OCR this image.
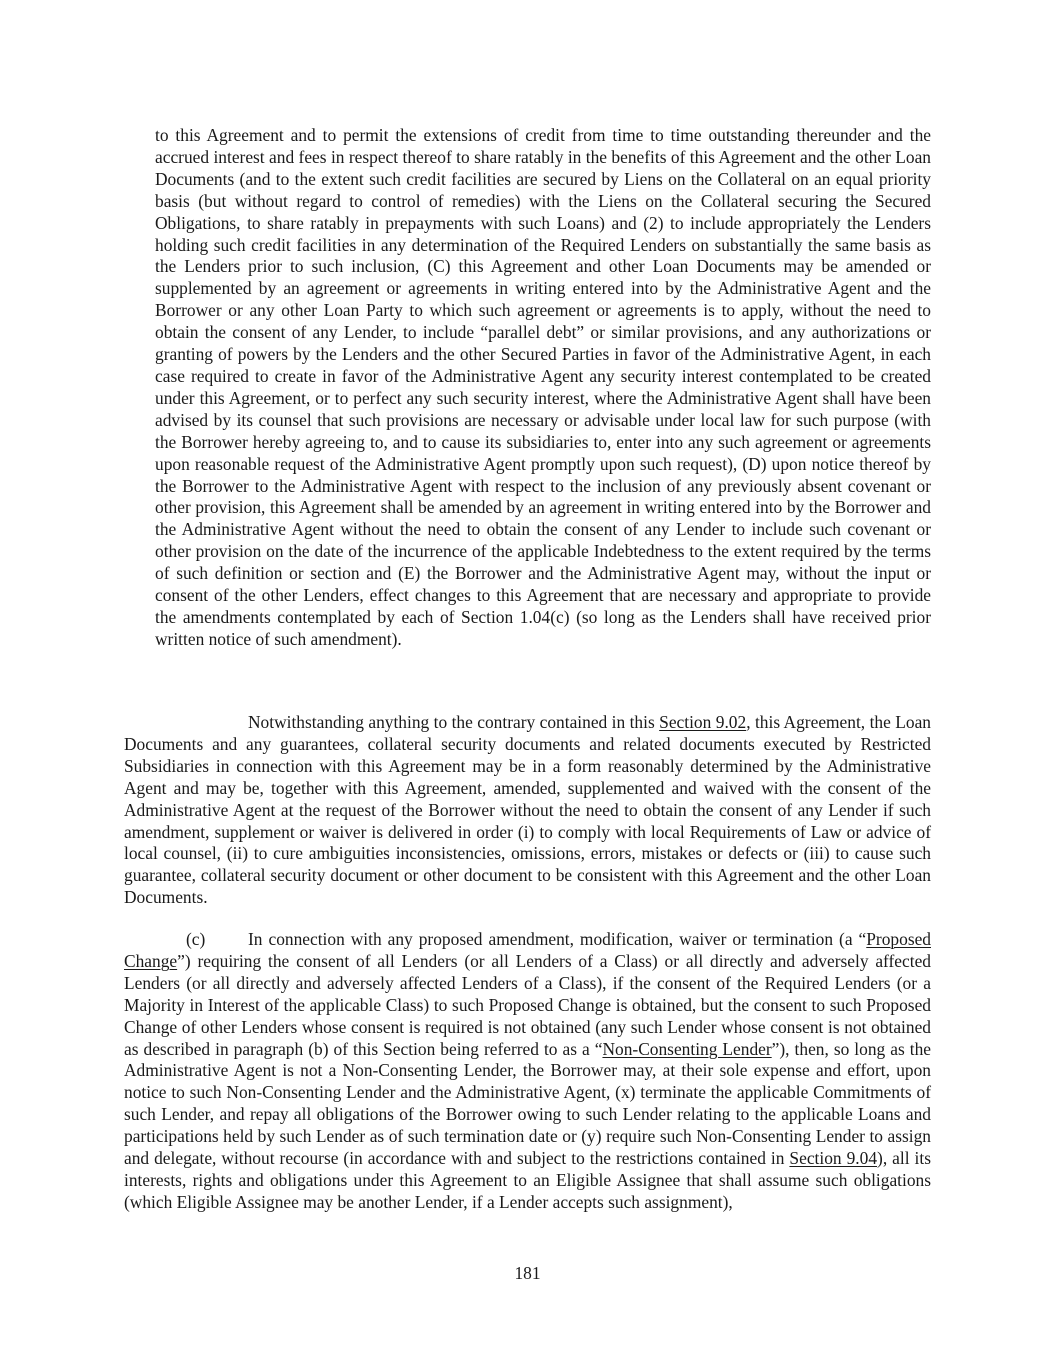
to this Agreement and to permit the extensions of credit from time to time outstanding thereunder and the accrued interest and fees in respect thereof to share ratably in the benefits of this Agreement and the other Loan Documents (and to the extent such credit facilities are secured by Liens on the Collateral on an equal priority basis (but without regard to control of remedies) with the Liens on the Collateral securing the Secured Obligations, to share ratably in prepayments with such Loans) and (2) to include appropriately the Lenders holding such credit facilities in any determination of the Required Lenders on substantially the same basis as the Lenders prior to such inclusion, (C) this Agreement and other Loan Documents may be amended or supplemented by an agreement or agreements in writing entered into by the Administrative Agent and the Borrower or any other Loan Party to which such agreement or agreements is to apply, without the need to obtain the consent of any Lender, to include “parallel debt” or similar provisions, and any authorizations or granting of powers by the Lenders and the other Secured Parties in favor of the Administrative Agent, in each case required to create in favor of the Administrative Agent any security interest contemplated to be created under this Agreement, or to perfect any such security interest, where the Administrative Agent shall have been advised by its counsel that such provisions are necessary or advisable under local law for such purpose (with the Borrower hereby agreeing to, and to cause its subsidiaries to, enter into any such agreement or agreements upon reasonable request of the Administrative Agent promptly upon such request), (D) upon notice thereof by the Borrower to the Administrative Agent with respect to the inclusion of any previously absent covenant or other provision, this Agreement shall be amended by an agreement in writing entered into by the Borrower and the Administrative Agent without the need to obtain the consent of any Lender to include such covenant or other provision on the date of the incurrence of the applicable Indebtedness to the extent required by the terms of such definition or section and (E) the Borrower and the Administrative Agent may, without the input or consent of the other Lenders, effect changes to this Agreement that are necessary and appropriate to provide the amendments contemplated by each of Section 1.04(c) (so long as the Lenders shall have received prior written notice of such amendment).

Notwithstanding anything to the contrary contained in this Section 9.02, this Agreement, the Loan Documents and any guarantees, collateral security documents and related documents executed by Restricted Subsidiaries in connection with this Agreement may be in a form reasonably determined by the Administrative Agent and may be, together with this Agreement, amended, supplemented and waived with the consent of the Administrative Agent at the request of the Borrower without the need to obtain the consent of any Lender if such amendment, supplement or waiver is delivered in order (i) to comply with local Requirements of Law or advice of local counsel, (ii) to cure ambiguities inconsistencies, omissions, errors, mistakes or defects or (iii) to cause such guarantee, collateral security document or other document to be consistent with this Agreement and the other Loan Documents.

(c) In connection with any proposed amendment, modification, waiver or termination (a “Proposed Change”) requiring the consent of all Lenders (or all Lenders of a Class) or all directly and adversely affected Lenders (or all directly and adversely affected Lenders of a Class), if the consent of the Required Lenders (or a Majority in Interest of the applicable Class) to such Proposed Change is obtained, but the consent to such Proposed Change of other Lenders whose consent is required is not obtained (any such Lender whose consent is not obtained as described in paragraph (b) of this Section being referred to as a “Non-Consenting Lender”), then, so long as the Administrative Agent is not a Non-Consenting Lender, the Borrower may, at their sole expense and effort, upon notice to such Non-Consenting Lender and the Administrative Agent, (x) terminate the applicable Commitments of such Lender, and repay all obligations of the Borrower owing to such Lender relating to the applicable Loans and participations held by such Lender as of such termination date or (y) require such Non-Consenting Lender to assign and delegate, without recourse (in accordance with and subject to the restrictions contained in Section 9.04), all its interests, rights and obligations under this Agreement to an Eligible Assignee that shall assume such obligations (which Eligible Assignee may be another Lender, if a Lender accepts such assignment),

181
